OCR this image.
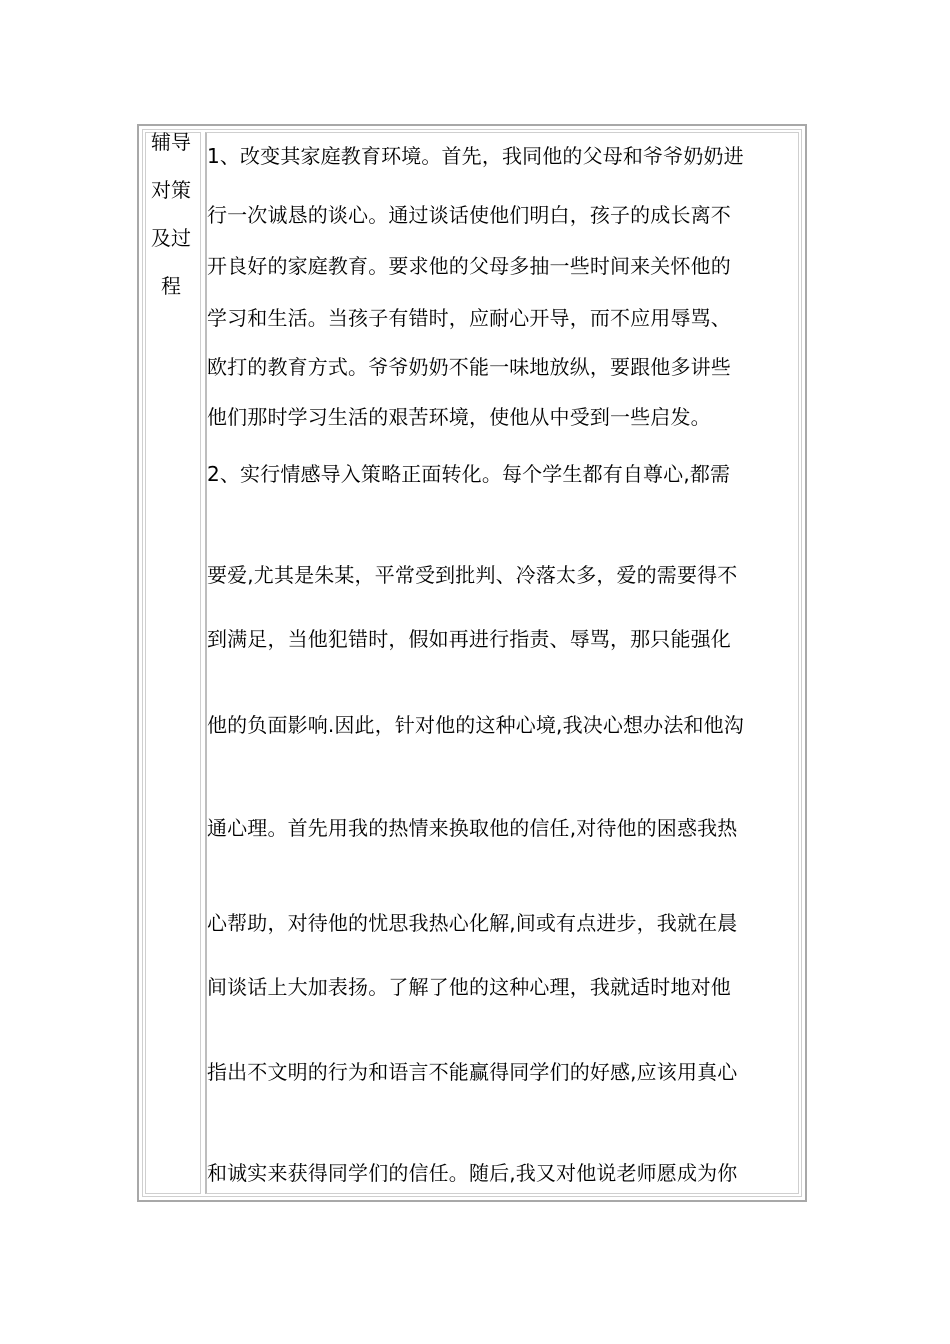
辅导
对策
及过
程
1、改变其家庭教育环境。首先，我同他的父母和爷爷奶奶进
行一次诚恳的谈心。通过谈话使他们明白，孩子的成长离不
开良好的家庭教育。要求他的父母多抽一些时间来关怀他的
学习和生活。当孩子有错时，应耐心开导，而不应用辱骂、
欧打的教育方式。爷爷奶奶不能一味地放纵，要跟他多讲些
他们那时学习生活的艰苦环境，使他从中受到一些启发。
2、实行情感导入策略正面转化。每个学生都有自尊心,都需
要爱,尤其是朱某，平常受到批判、冷落太多，爱的需要得不
到满足，当他犯错时，假如再进行指责、辱骂，那只能强化
他的负面影响.因此，针对他的这种心境,我决心想办法和他沟
通心理。首先用我的热情来换取他的信任,对待他的困惑我热
心帮助，对待他的忧思我热心化解,间或有点进步，我就在晨
间谈话上大加表扬。了解了他的这种心理，我就适时地对他
指出不文明的行为和语言不能赢得同学们的好感,应该用真心
和诚实来获得同学们的信任。随后,我又对他说老师愿成为你
